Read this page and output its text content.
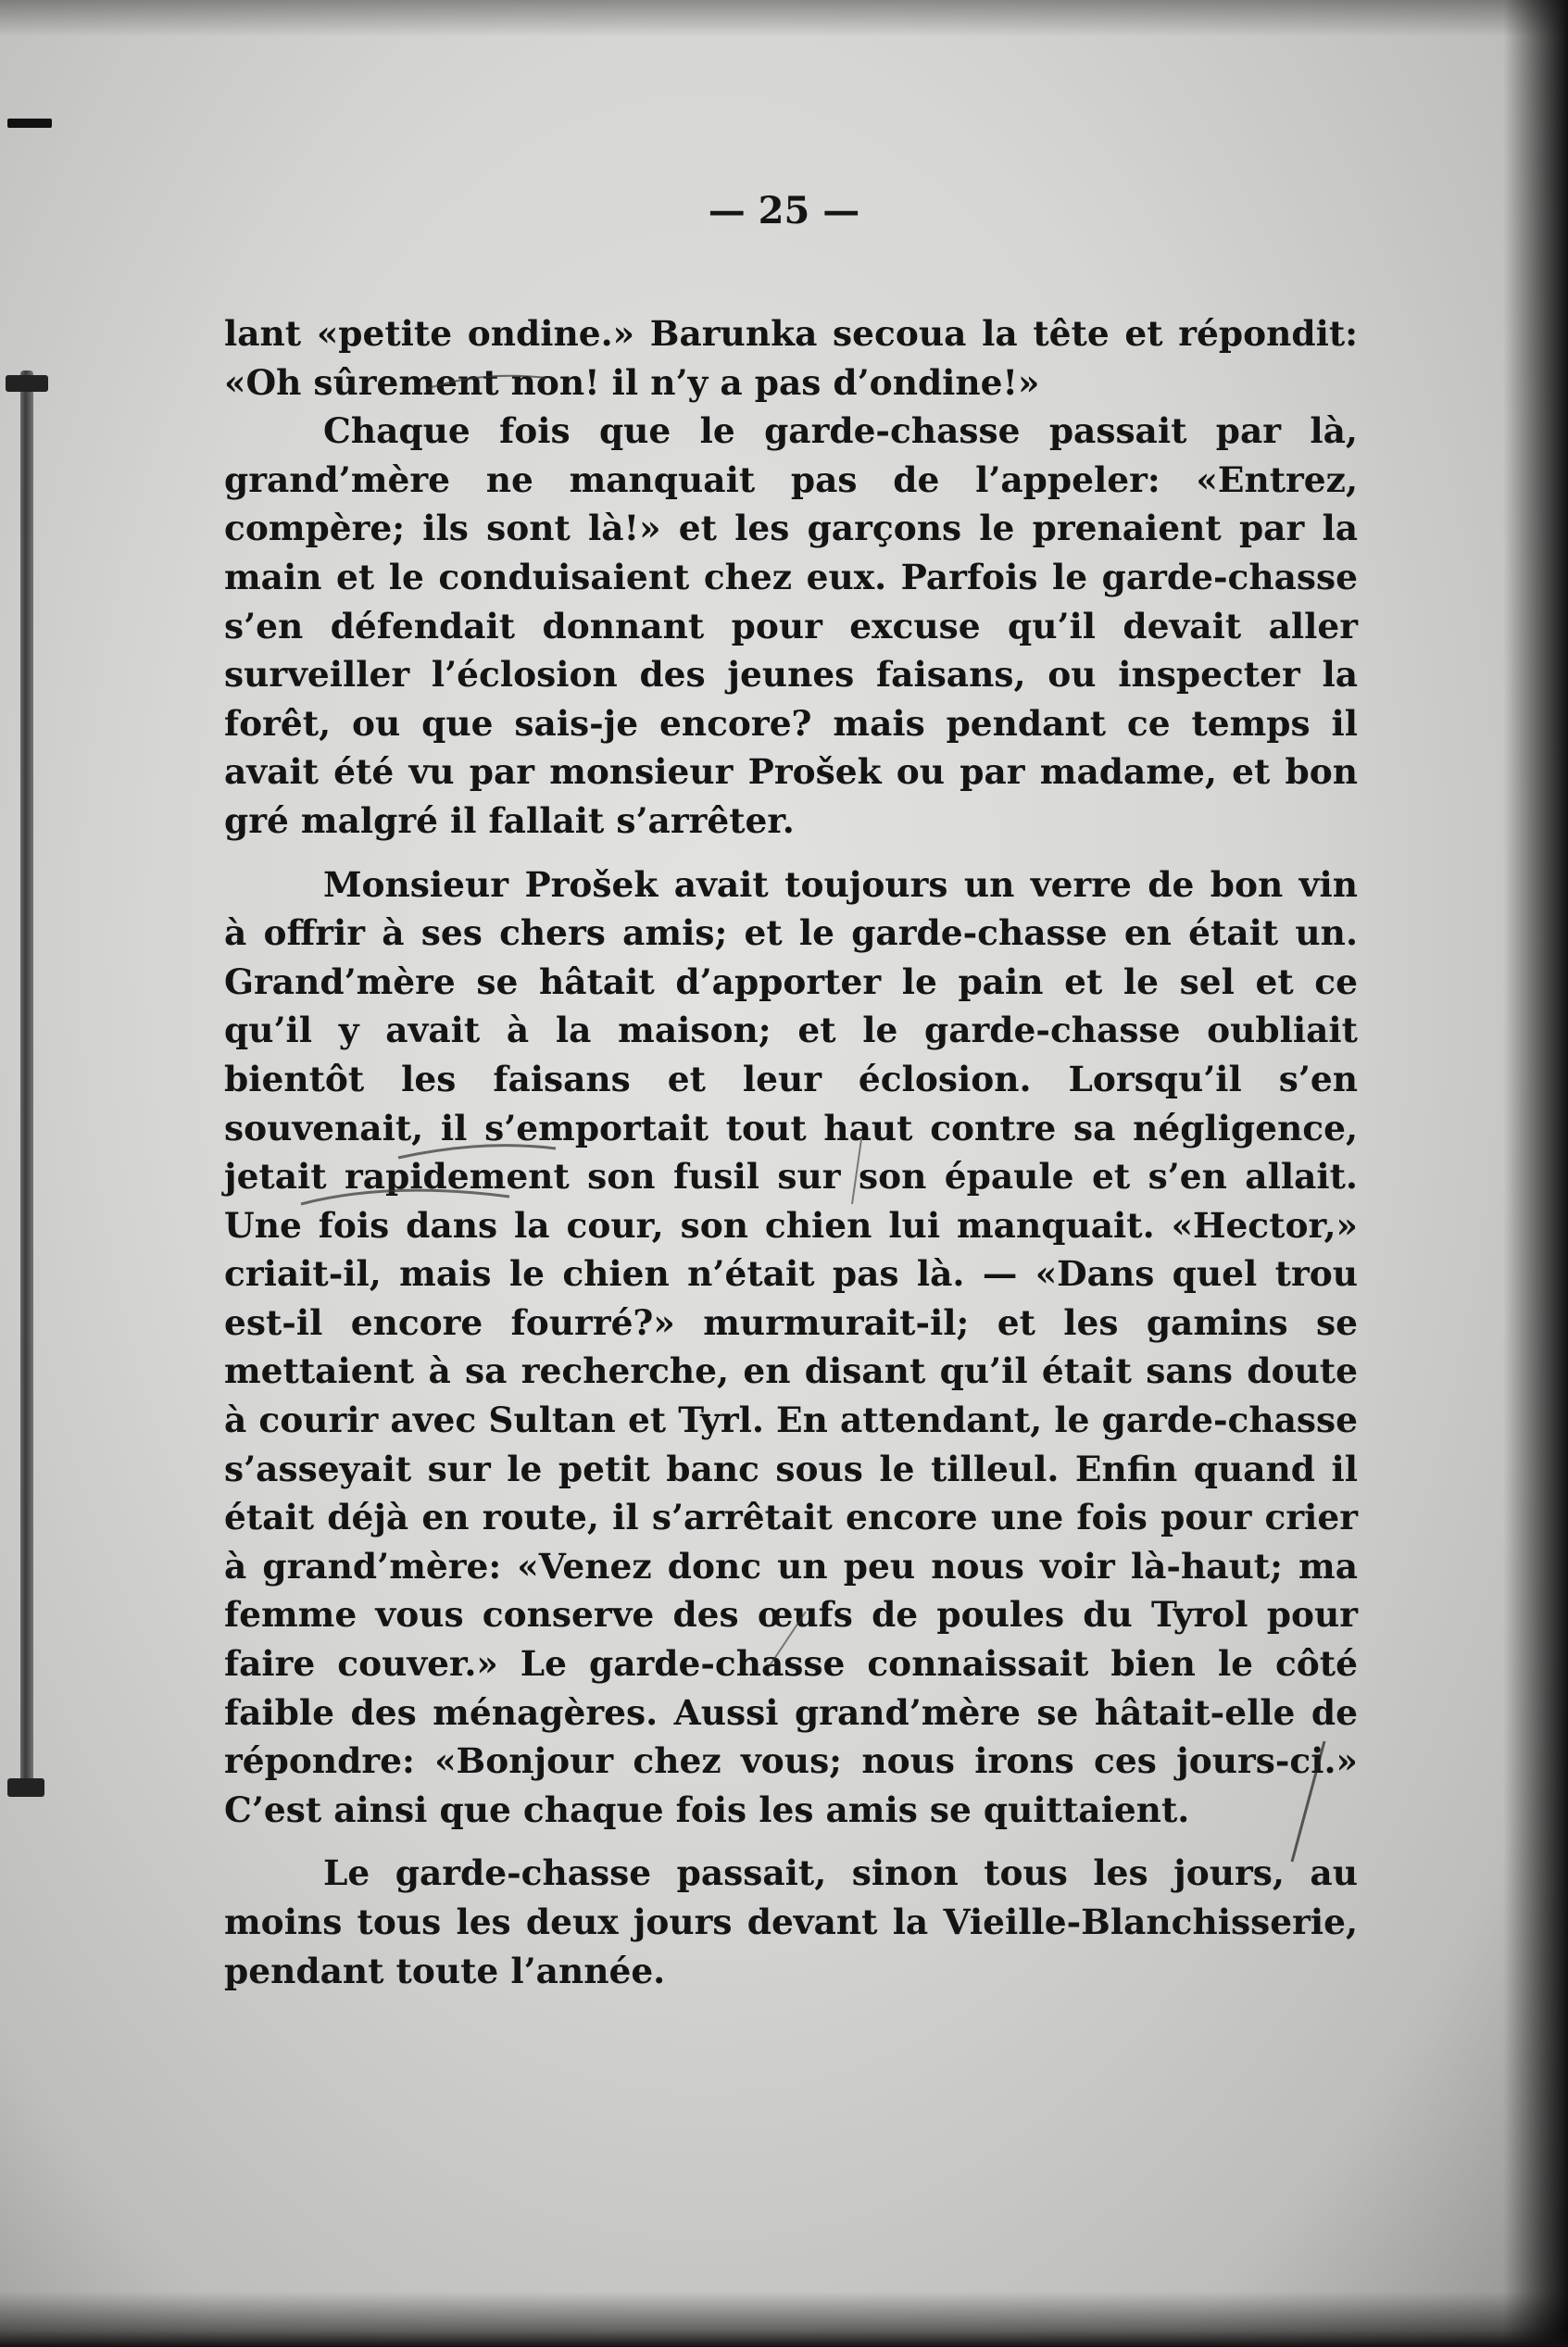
— 25 —

lant «petite ondine.» Barunka secoua la tête et répondit: «Oh sûrement non! il n’y a pas d’ondine!»

Chaque fois que le garde-chasse passait par là, grand’mère ne manquait pas de l’appeler: «Entrez, compère; ils sont là!» et les garçons le prenaient par la main et le conduisaient chez eux. Parfois le garde-chasse s’en défendait donnant pour excuse qu’il devait aller surveiller l’éclosion des jeunes faisans, ou inspecter la forêt, ou que sais-je encore? mais pendant ce temps il avait été vu par monsieur Prošek ou par madame, et bon gré malgré il fallait s’arrêter.

Monsieur Prošek avait toujours un verre de bon vin à offrir à ses chers amis; et le garde-chasse en était un. Grand’mère se hâtait d’apporter le pain et le sel et ce qu’il y avait à la maison; et le garde-chasse oubliait bientôt les faisans et leur éclosion. Lorsqu’il s’en souvenait, il s’emportait tout haut contre sa négligence, jetait rapidement son fusil sur son épaule et s’en allait. Une fois dans la cour, son chien lui manquait. «Hector,» criait-il, mais le chien n’était pas là. — «Dans quel trou est-il encore fourré?» murmurait-il; et les gamins se mettaient à sa recherche, en disant qu’il était sans doute à courir avec Sultan et Tyrl. En attendant, le garde-chasse s’asseyait sur le petit banc sous le tilleul. Enfin quand il était déjà en route, il s’arrêtait encore une fois pour crier à grand’mère: «Venez donc un peu nous voir là-haut; ma femme vous conserve des œufs de poules du Tyrol pour faire couver.» Le garde-chasse connaissait bien le côté faible des ménagères. Aussi grand’mère se hâtait-elle de répondre: «Bonjour chez vous; nous irons ces jours-ci.» C’est ainsi que chaque fois les amis se quittaient.

Le garde-chasse passait, sinon tous les jours, au moins tous les deux jours devant la Vieille-Blanchisserie, pendant toute l’année.
